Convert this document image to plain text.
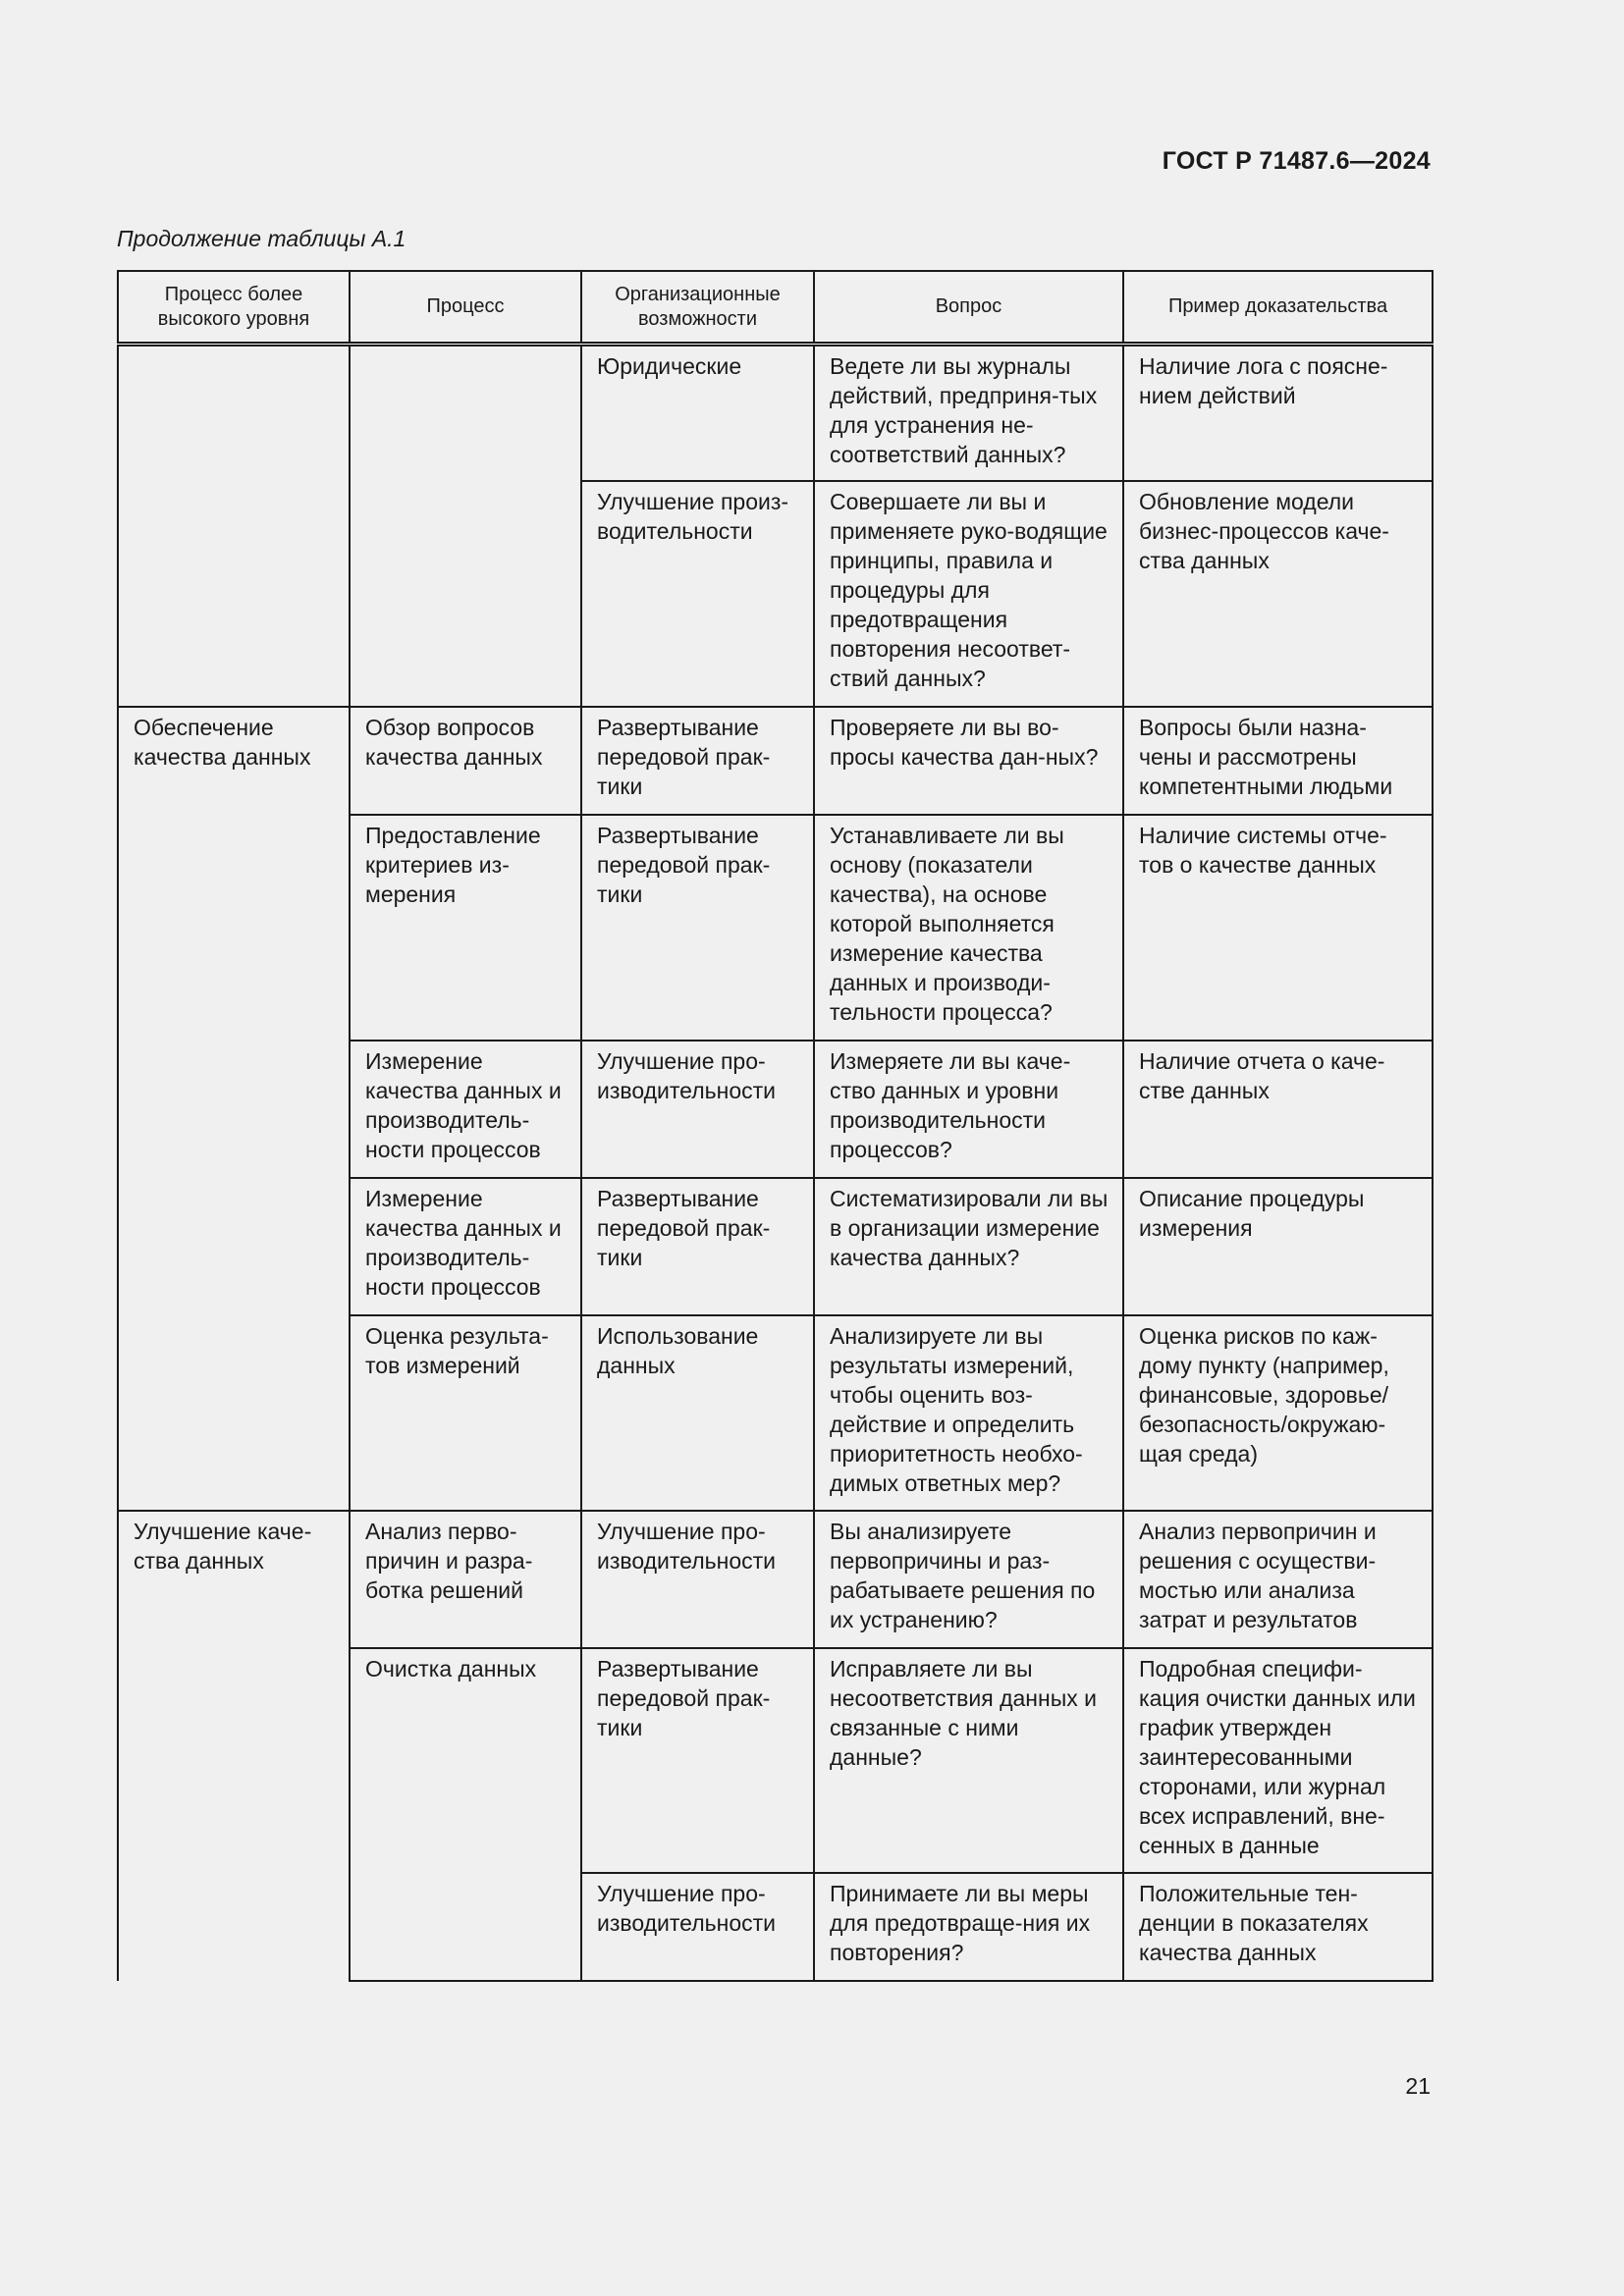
ГОСТ Р 71487.6—2024
Продолжение таблицы А.1
Процесс более высокого уровня	Процесс	Организационные возможности	Вопрос	Пример доказательства
		Юридические	Ведете ли вы журналы действий, предприня-тых для устранения не-соответствий данных?	Наличие лога с поясне-нием действий
		Улучшение произ-водительности	Совершаете ли вы и применяете руко-водящие принципы, правила и процедуры для предотвращения повторения несоответ-ствий данных?	Обновление модели бизнес-процессов каче-ства данных
Обеспечение качества данных	Обзор вопросов качества данных	Развертывание передовой прак-тики	Проверяете ли вы во-просы качества дан-ных?	Вопросы были назна-чены и рассмотрены компетентными людьми
	Предоставление критериев из-мерения	Развертывание передовой прак-тики	Устанавливаете ли вы основу (показатели качества), на основе которой выполняется измерение качества данных и производи-тельности процесса?	Наличие системы отче-тов о качестве данных
	Измерение качества данных и производитель-ности процессов	Улучшение про-изводительности	Измеряете ли вы каче-ство данных и уровни производительности процессов?	Наличие отчета о каче-стве данных
	Измерение качества данных и производитель-ности процессов	Развертывание передовой прак-тики	Систематизировали ли вы в организации измерение качества данных?	Описание процедуры измерения
	Оценка результа-тов измерений	Использование данных	Анализируете ли вы результаты измерений, чтобы оценить воз-действие и определить приоритетность необхо-димых ответных мер?	Оценка рисков по каж-дому пункту (например, финансовые, здоровье/безопасность/окружаю-щая среда)
Улучшение каче-ства данных	Анализ перво-причин и разра-ботка решений	Улучшение про-изводительности	Вы анализируете первопричины и раз-рабатываете решения по их устранению?	Анализ первопричин и решения с осуществи-мостью или анализа затрат и результатов
	Очистка данных	Развертывание передовой прак-тики	Исправляете ли вы несоответствия данных и связанные с ними данные?	Подробная специфи-кация очистки данных или график утвержден заинтересованными сторонами, или журнал всех исправлений, вне-сенных в данные
		Улучшение про-изводительности	Принимаете ли вы меры для предотвраще-ния их повторения?	Положительные тен-денции в показателях качества данных
21
